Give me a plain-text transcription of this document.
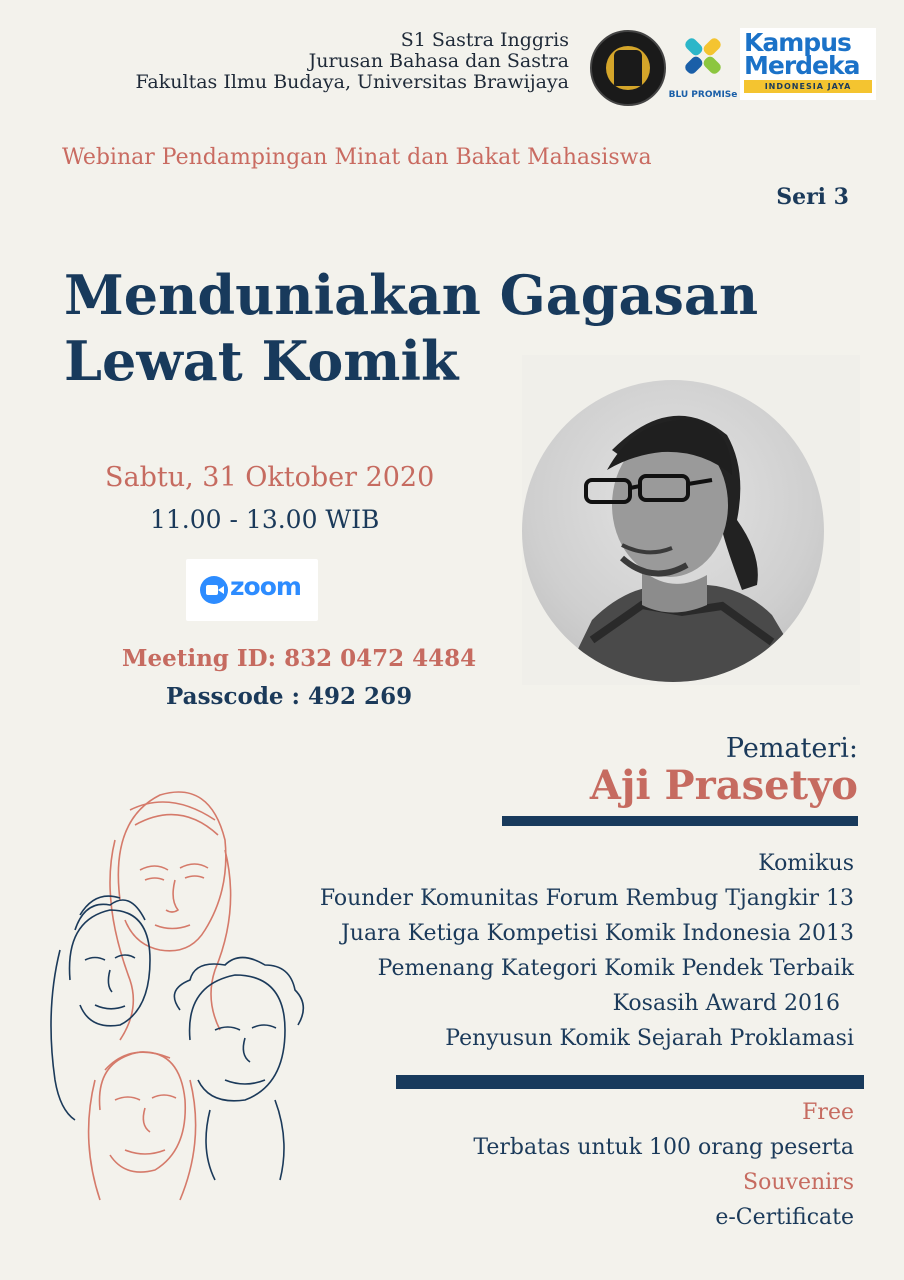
S1 Sastra Inggris
Jurusan Bahasa dan Sastra
Fakultas Ilmu Budaya, Universitas Brawijaya
BLU PROMISe
Kampus
Merdeka
INDONESIA JAYA
Webinar Pendampingan Minat dan Bakat Mahasiswa
Seri 3
Menduniakan Gagasan
Lewat Komik
Sabtu, 31 Oktober 2020
11.00 - 13.00 WIB
zoom
Meeting ID: 832 0472 4484
Passcode : 492 269
Pemateri:
Aji Prasetyo
Komikus
Founder Komunitas Forum Rembug Tjangkir 13
Juara Ketiga Kompetisi Komik Indonesia 2013
Pemenang Kategori Komik Pendek Terbaik
Kosasih Award 2016
Penyusun Komik Sejarah Proklamasi
Free
Terbatas untuk 100 orang peserta
Souvenirs
e-Certificate
